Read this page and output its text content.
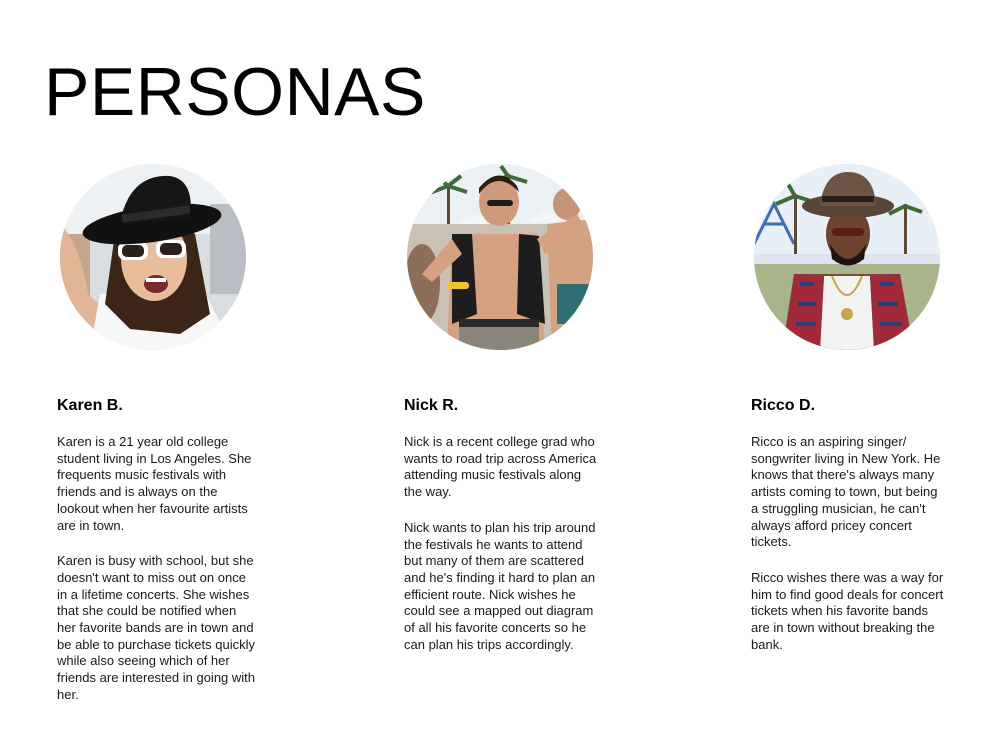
PERSONAS
Karen B.

Karen is a 21 year old college student living in Los Angeles. She frequents music festivals with friends and is always on the lookout when her favourite artists are in town.

Karen is busy with school, but she doesn't want to miss out on once in a lifetime concerts. She wishes that she could be notified when her favorite bands are in town and be able to purchase tickets quickly while also seeing which of her friends are interested in going with her.

Nick R.

Nick is a recent college grad who wants to road trip across America attending music festivals along the way.

Nick wants to plan his trip around the festivals he wants to attend but many of them are scattered and he's finding it hard to plan an efficient route. Nick wishes he could see a mapped out diagram of all his favorite concerts so he can plan his trips accordingly.

Ricco D.

Ricco is an aspiring singer/ songwriter living in New York. He knows that there's always many artists coming to town, but being a struggling musician, he can't always afford pricey concert tickets.

Ricco wishes there was a way for him to find good deals for concert tickets when his favorite bands are in town without breaking the bank.
